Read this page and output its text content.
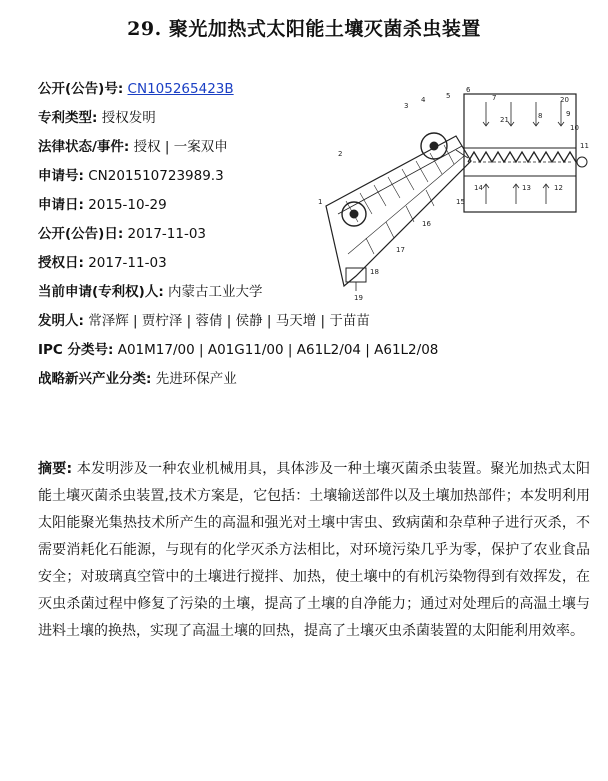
29. 聚光加热式太阳能土壤灭菌杀虫装置
公开(公告)号: CN105265423B
专利类型: 授权发明
法律状态/事件: 授权 | 一案双申
申请号: CN201510723989.3
申请日: 2015-10-29
公开(公告)日: 2017-11-03
授权日: 2017-11-03
当前申请(专利权)人: 内蒙古工业大学
发明人: 常泽辉 | 贾柠泽 | 蓉倩 | 侯静 | 马天增 | 于苗苗
IPC 分类号: A01M17/00 | A01G11/00 | A61L2/04 | A61L2/08
战略新兴产业分类: 先进环保产业
1
2
3
4	5
6
7
8	9
10
11
12
13
14
15
16
17
18
19
20
21
摘要: 本发明涉及一种农业机械用具，具体涉及一种土壤灭菌杀虫装置。聚光加热式太阳能土壤灭菌杀虫装置,技术方案是，它包括：土壤输送部件以及土壤加热部件；本发明利用太阳能聚光集热技术所产生的高温和强光对土壤中害虫、致病菌和杂草种子进行灭杀，不需要消耗化石能源，与现有的化学灭杀方法相比，对环境污染几乎为零，保护了农业食品安全；对玻璃真空管中的土壤进行搅拌、加热，使土壤中的有机污染物得到有效挥发，在灭虫杀菌过程中修复了污染的土壤，提高了土壤的自净能力；通过对处理后的高温土壤与进料土壤的换热，实现了高温土壤的回热，提高了土壤灭虫杀菌装置的太阳能利用效率。
